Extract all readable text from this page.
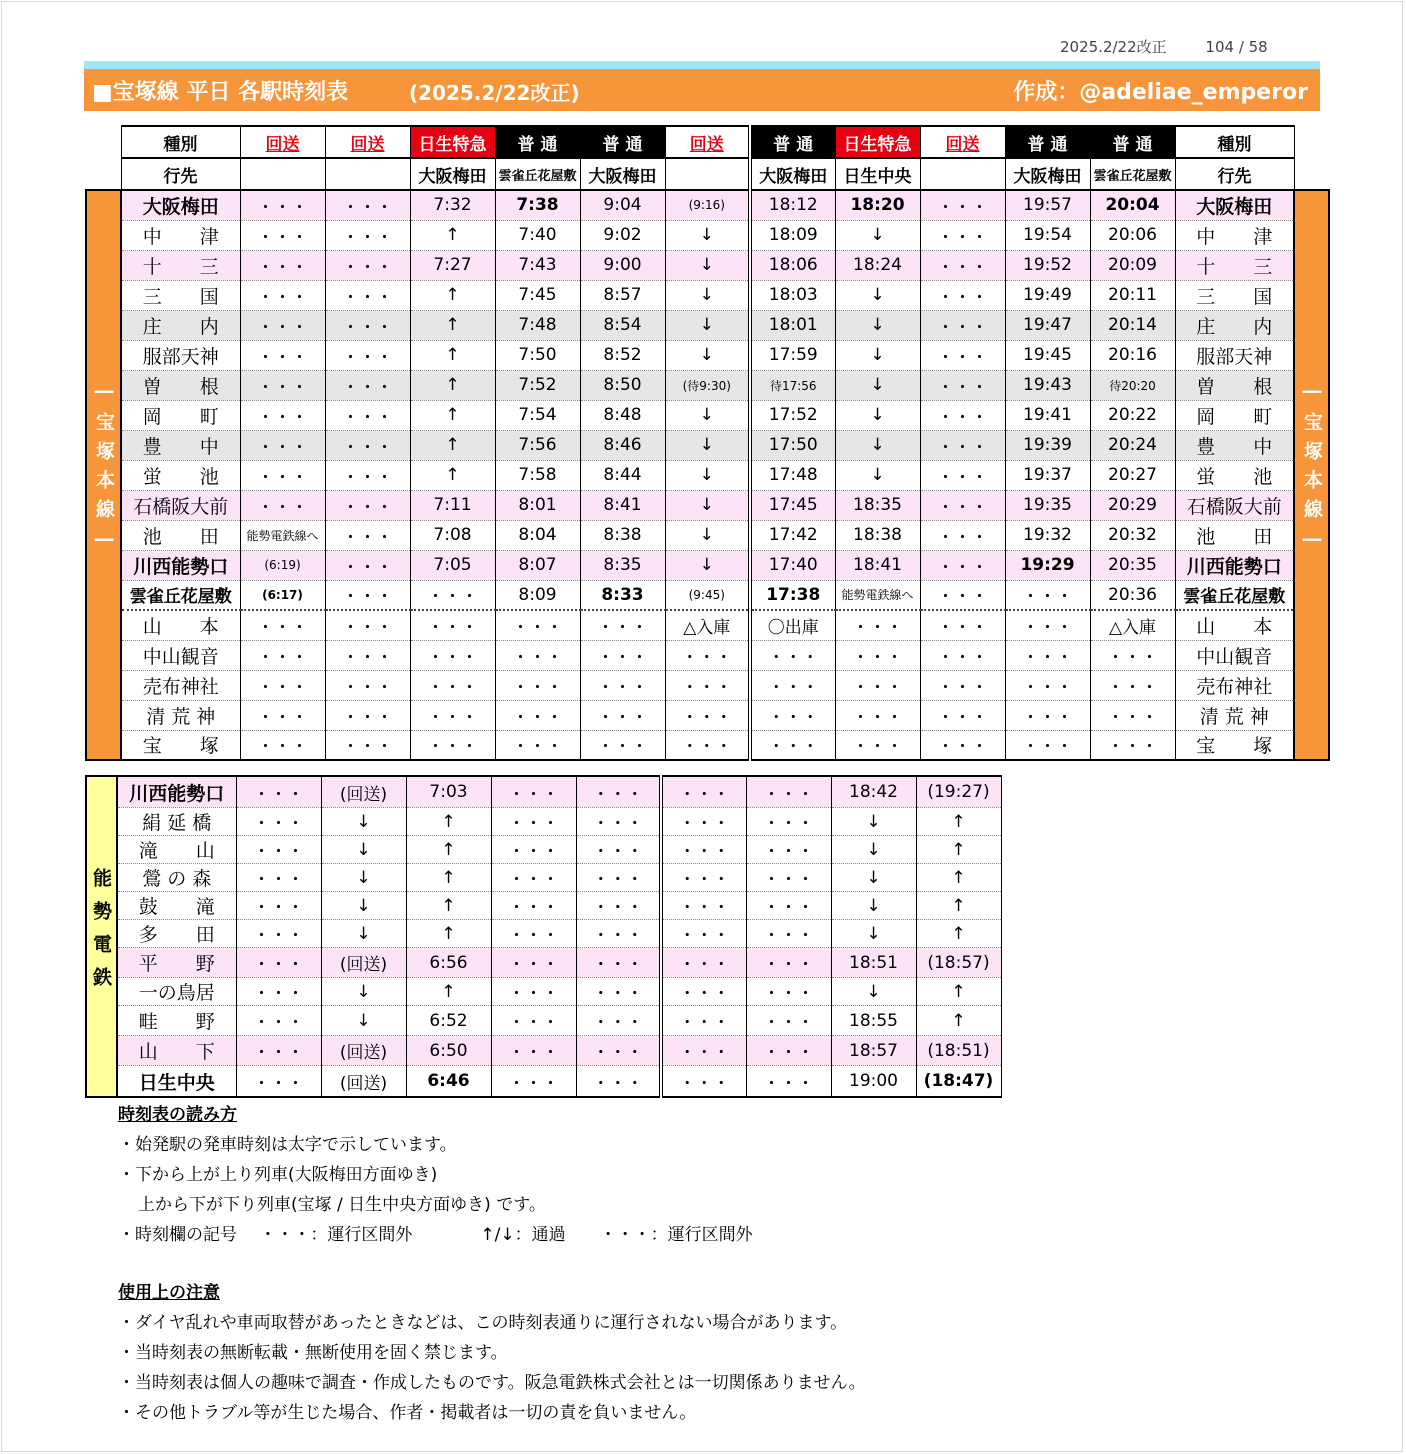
2025.2/22改正	104 / 58
■宝塚線 平日 各駅時刻表	(2025.2/22改正)	作成：@adeliae_emperor
	種別	回送	回送	日生特急	普 通	普 通	回送	普 通	日生特急	回送	普 通	普 通	種別	
	行先			大阪梅田	雲雀丘花屋敷	大阪梅田		大阪梅田	日生中央		大阪梅田	雲雀丘花屋敷	行先	
―宝塚本線―	大阪梅田	・・・	・・・	7:32	7:38	9:04	(9:16)	18:12	18:20	・・・	19:57	20:04	大阪梅田	―宝塚本線―
	中　　津	・・・	・・・	↑	7:40	9:02	↓	18:09	↓	・・・	19:54	20:06	中　　津	
	十　　三	・・・	・・・	7:27	7:43	9:00	↓	18:06	18:24	・・・	19:52	20:09	十　　三	
	三　　国	・・・	・・・	↑	7:45	8:57	↓	18:03	↓	・・・	19:49	20:11	三　　国	
	庄　　内	・・・	・・・	↑	7:48	8:54	↓	18:01	↓	・・・	19:47	20:14	庄　　内	
	服部天神	・・・	・・・	↑	7:50	8:52	↓	17:59	↓	・・・	19:45	20:16	服部天神	
	曽　　根	・・・	・・・	↑	7:52	8:50	(待9:30)	待17:56	↓	・・・	19:43	待20:20	曽　　根	
	岡　　町	・・・	・・・	↑	7:54	8:48	↓	17:52	↓	・・・	19:41	20:22	岡　　町	
	豊　　中	・・・	・・・	↑	7:56	8:46	↓	17:50	↓	・・・	19:39	20:24	豊　　中	
	蛍　　池	・・・	・・・	↑	7:58	8:44	↓	17:48	↓	・・・	19:37	20:27	蛍　　池	
	石橋阪大前	・・・	・・・	7:11	8:01	8:41	↓	17:45	18:35	・・・	19:35	20:29	石橋阪大前	
	池　　田	能勢電鉄線へ	・・・	7:08	8:04	8:38	↓	17:42	18:38	・・・	19:32	20:32	池　　田	
	川西能勢口	(6:19)	・・・	7:05	8:07	8:35	↓	17:40	18:41	・・・	19:29	20:35	川西能勢口	
	雲雀丘花屋敷	(6:17)	・・・	・・・	8:09	8:33	(9:45)	17:38	能勢電鉄線へ	・・・	・・・	20:36	雲雀丘花屋敷	
	山　　本	・・・	・・・	・・・	・・・	・・・	△入庫	〇出庫	・・・	・・・	・・・	△入庫	山　　本	
	中山観音	・・・	・・・	・・・	・・・	・・・	・・・	・・・	・・・	・・・	・・・	・・・	中山観音	
	売布神社	・・・	・・・	・・・	・・・	・・・	・・・	・・・	・・・	・・・	・・・	・・・	売布神社	
	清 荒 神	・・・	・・・	・・・	・・・	・・・	・・・	・・・	・・・	・・・	・・・	・・・	清 荒 神	
	宝　　塚	・・・	・・・	・・・	・・・	・・・	・・・	・・・	・・・	・・・	・・・	・・・	宝　　塚	
能勢電鉄	川西能勢口	・・・	(回送)	7:03	・・・	・・・	・・・	・・・	18:42	(19:27)
	絹 延 橋	・・・	↓	↑	・・・	・・・	・・・	・・・	↓	↑
	滝　　山	・・・	↓	↑	・・・	・・・	・・・	・・・	↓	↑
	鶯 の 森	・・・	↓	↑	・・・	・・・	・・・	・・・	↓	↑
	鼓　　滝	・・・	↓	↑	・・・	・・・	・・・	・・・	↓	↑
	多　　田	・・・	↓	↑	・・・	・・・	・・・	・・・	↓	↑
	平　　野	・・・	(回送)	6:56	・・・	・・・	・・・	・・・	18:51	(18:57)
	一の鳥居	・・・	↓	↑	・・・	・・・	・・・	・・・	↓	↑
	畦　　野	・・・	↓	6:52	・・・	・・・	・・・	・・・	18:55	↑
	山　　下	・・・	(回送)	6:50	・・・	・・・	・・・	・・・	18:57	(18:51)
	日生中央	・・・	(回送)	6:46	・・・	・・・	・・・	・・・	19:00	(18:47)
時刻表の読み方

・始発駅の発車時刻は太字で示しています。

・下から上が上り列車(大阪梅田方面ゆき)

上から下が下り列車(宝塚 / 日生中央方面ゆき) です。

・時刻欄の記号　 ・・・：運行区間外　　　　↑/↓：通過　　・・・：運行区間外

使用上の注意

・ダイヤ乱れや車両取替があったときなどは、この時刻表通りに運行されない場合があります。

・当時刻表の無断転載・無断使用を固く禁じます。

・当時刻表は個人の趣味で調査・作成したものです。阪急電鉄株式会社とは一切関係ありません。

・その他トラブル等が生じた場合、作者・掲載者は一切の責を負いません。
